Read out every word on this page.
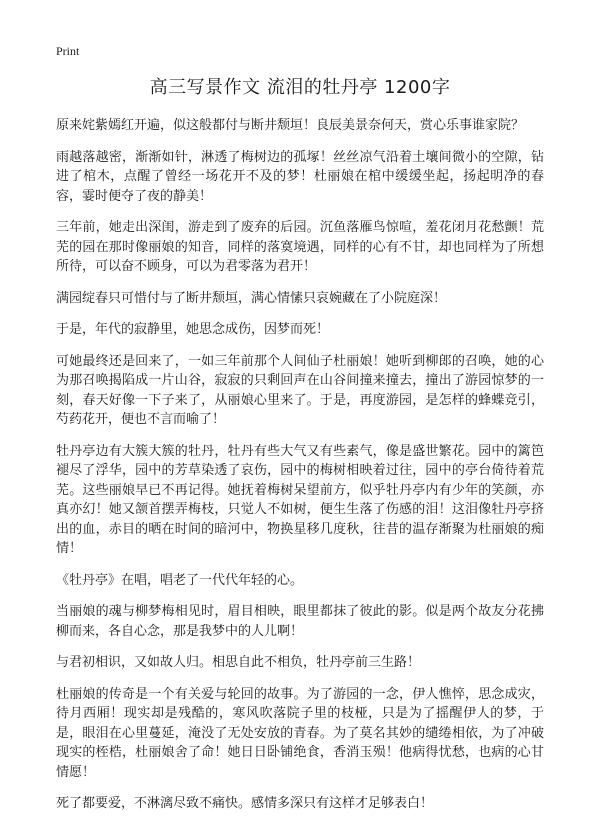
Print
高三写景作文 流泪的牡丹亭 1200字

原来姹紫嫣红开遍，似这般都付与断井颓垣！良辰美景奈何天，赏心乐事谁家院？

雨越落越密，渐渐如针，淋透了梅树边的孤塚！丝丝凉气沿着土壤间微小的空隙，钻进了棺木，点醒了曾经一场花开不及的梦！杜丽娘在棺中缓缓坐起，扬起明净的春容，霎时便夺了夜的静美！

三年前，她走出深闺，游走到了废弃的后园。沉鱼落雁鸟惊喧，羞花闭月花愁颤！荒芜的园在那时像丽娘的知音，同样的落寞境遇，同样的心有不甘，却也同样为了所想所待，可以奋不顾身，可以为君零落为君开！

满园绽春只可惜付与了断井颓垣，满心情愫只哀婉藏在了小院庭深！

于是，年代的寂静里，她思念成伤，因梦而死！

可她最终还是回来了，一如三年前那个人间仙子杜丽娘！她听到柳郎的召唤，她的心为那召唤揭陷成一片山谷，寂寂的只剩回声在山谷间撞来撞去，撞出了游园惊梦的一刻，春天好像一下子来了，从丽娘心里来了。于是，再度游园，是怎样的蜂蝶竞引，芍药花开，便也不言而喻了！

牡丹亭边有大簇大簇的牡丹，牡丹有些大气又有些素气，像是盛世繁花。园中的篱笆褪尽了浮华，园中的芳草染透了哀伤，园中的梅树相映着过往，园中的亭台倚待着荒芜。这些丽娘早已不再记得。她抚着梅树呆望前方，似乎牡丹亭内有少年的笑颜，亦真亦幻！她又颔首摆弄梅枝，只觉人不如树，便生生落了伤感的泪！这泪像牡丹亭挤出的血，赤目的晒在时间的暗河中，物换星移几度秋，往昔的温存渐聚为杜丽娘的痴情！

《牡丹亭》在唱，唱老了一代代年轻的心。

当丽娘的魂与柳梦梅相见时，眉目相映，眼里都抹了彼此的影。似是两个故友分花拂柳而来，各自心念，那是我梦中的人儿啊！

与君初相识，又如故人归。相思自此不相负，牡丹亭前三生路！

杜丽娘的传奇是一个有关爱与轮回的故事。为了游园的一念，伊人憔悴，思念成灾，待月西厢！现实却是残酷的，寒风吹落院子里的枝桠，只是为了摇醒伊人的梦，于是，眼泪在心里蔓延，淹没了无处安放的青春。为了莫名其妙的缱绻相依，为了冲破现实的桎梏，杜丽娘舍了命！她日日卧铺绝食，香消玉殒！他病得忧愁，也病的心甘情愿！

死了都要爱，不淋漓尽致不痛快。感情多深只有这样才足够表白！
